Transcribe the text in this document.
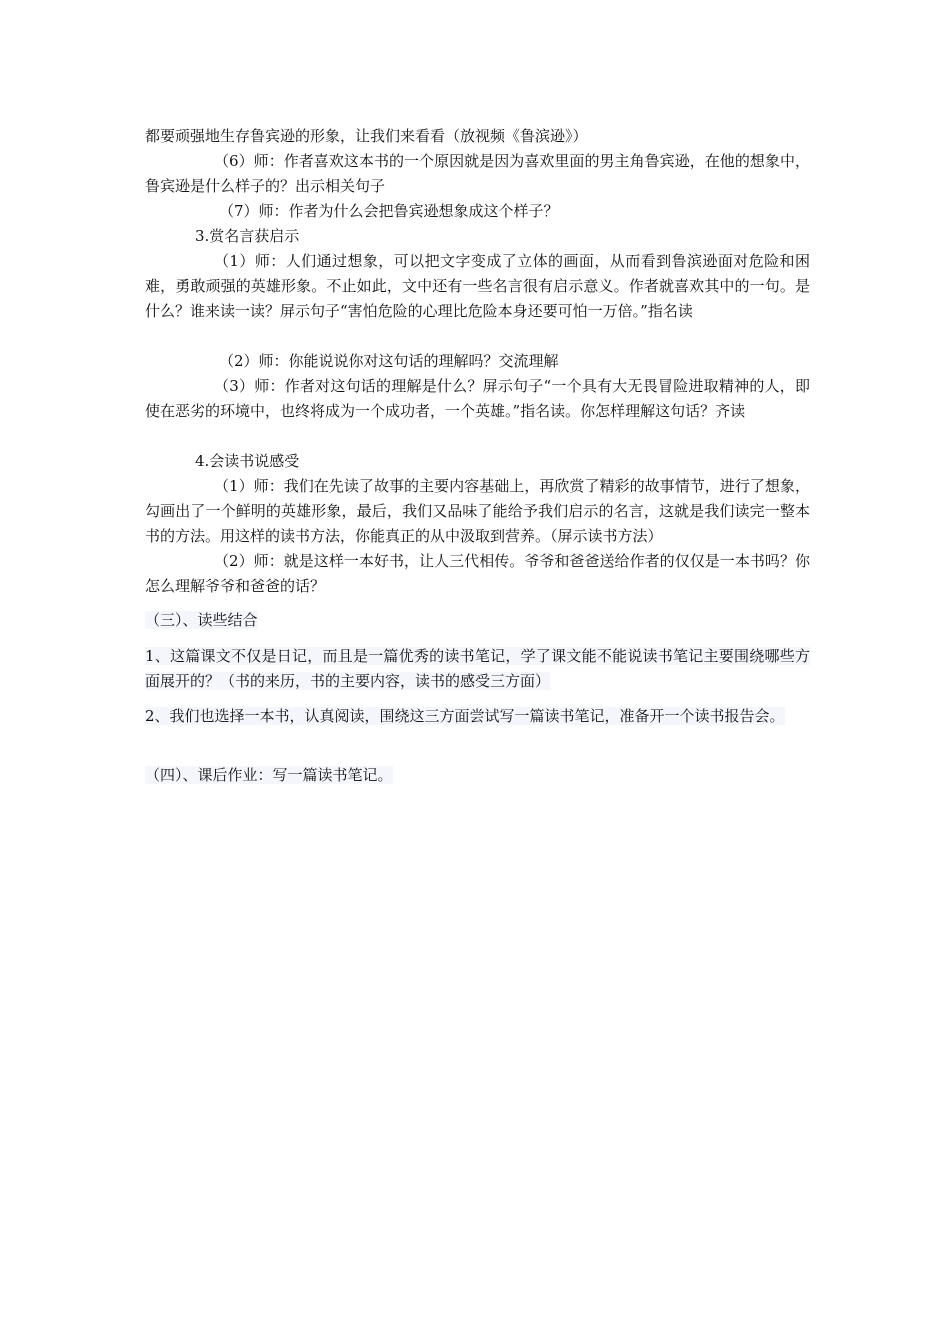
都要顽强地生存鲁宾逊的形象，让我们来看看（放视频《鲁滨逊》）

（6）师：作者喜欢这本书的一个原因就是因为喜欢里面的男主角鲁宾逊，在他的想象中，鲁宾逊是什么样子的？出示相关句子

（7）师：作者为什么会把鲁宾逊想象成这个样子？

3.赏名言获启示

（1）师：人们通过想象，可以把文字变成了立体的画面，从而看到鲁滨逊面对危险和困难，勇敢顽强的英雄形象。不止如此，文中还有一些名言很有启示意义。作者就喜欢其中的一句。是什么？谁来读一读？屏示句子“害怕危险的心理比危险本身还要可怕一万倍。”指名读

（2）师：你能说说你对这句话的理解吗？交流理解

（3）师：作者对这句话的理解是什么？屏示句子“一个具有大无畏冒险进取精神的人，即使在恶劣的环境中，也终将成为一个成功者，一个英雄。”指名读。你怎样理解这句话？齐读

4.会读书说感受

（1）师：我们在先读了故事的主要内容基础上，再欣赏了精彩的故事情节，进行了想象，勾画出了一个鲜明的英雄形象，最后，我们又品味了能给予我们启示的名言，这就是我们读完一整本书的方法。用这样的读书方法，你能真正的从中汲取到营养。（屏示读书方法）

（2）师：就是这样一本好书，让人三代相传。爷爷和爸爸送给作者的仅仅是一本书吗？你怎么理解爷爷和爸爸的话？

（三）、读些结合

1、这篇课文不仅是日记，而且是一篇优秀的读书笔记，学了课文能不能说读书笔记主要围绕哪些方面展开的？（书的来历，书的主要内容，读书的感受三方面）

2、我们也选择一本书，认真阅读，围绕这三方面尝试写一篇读书笔记，准备开一个读书报告会。

（四）、课后作业：写一篇读书笔记。
